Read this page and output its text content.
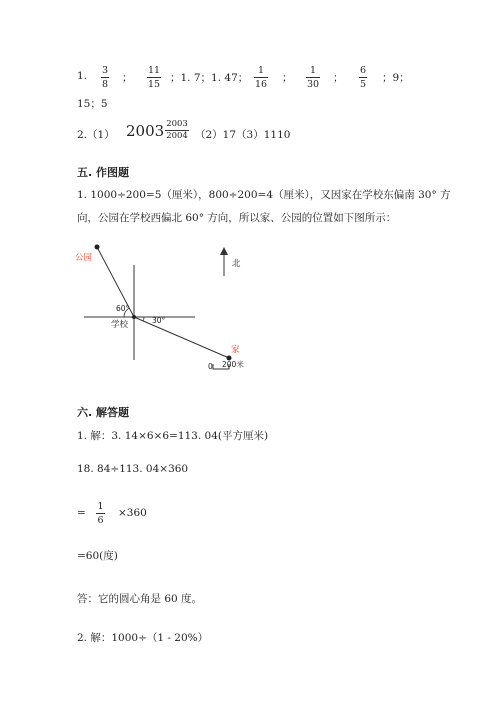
1. 3
8
；
11
15
；1. 7；1. 47；
1
16
；
1
30
；
6
5
；9；
15；5
2.（1） $2003 \frac{2003}{2004} (2)17(3)1110$
五. 作图题
1. 1000÷200=5（厘米），800÷200=4（厘米），又因家在学校东偏南 30° 方
向，公园在学校西偏北 60° 方向，所以家、公园的位置如下图所示：
公园
学校
家
北
60°
30°
0 200米
六. 解答题
1. 解：3. 14×6×6=113. 04(平方厘米)
18. 84÷113. 04×360
=
1
6
×360
=60(度)
答：它的圆心角是 60 度。
2. 解：1000÷（1 - 20%）
